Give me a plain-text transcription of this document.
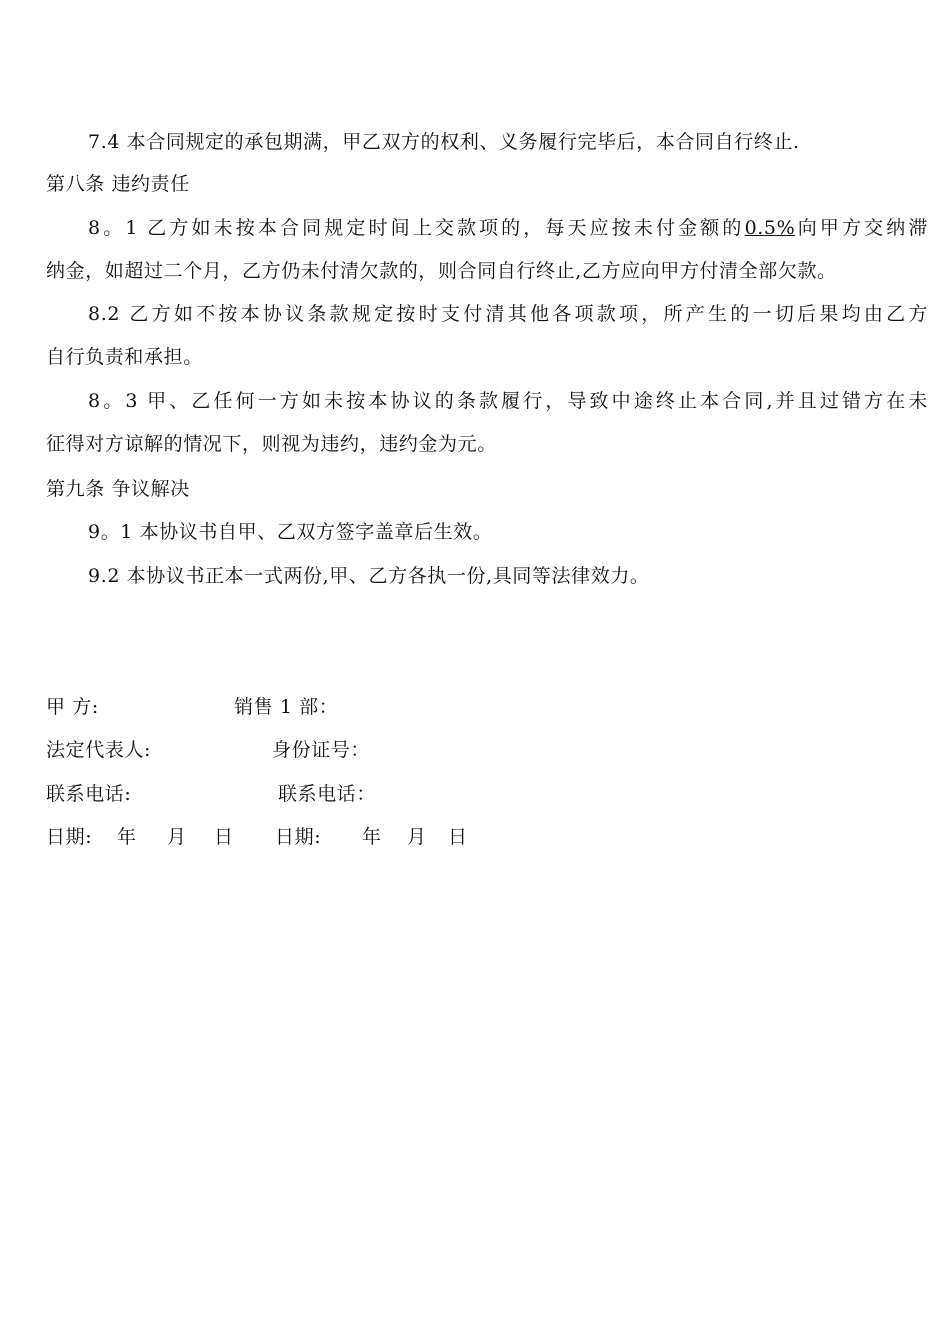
7.4 本合同规定的承包期满，甲乙双方的权利、义务履行完毕后，本合同自行终止.
第八条 违约责任
8。1 乙方如未按本合同规定时间上交款项的，每天应按未付金额的0.5%向甲方交纳滞
纳金，如超过二个月，乙方仍未付清欠款的，则合同自行终止,乙方应向甲方付清全部欠款。
8.2 乙方如不按本协议条款规定按时支付清其他各项款项，所产生的一切后果均由乙方
自行负责和承担。
8。3 甲、乙任何一方如未按本协议的条款履行，导致中途终止本合同,并且过错方在未
征得对方谅解的情况下，则视为违约，违约金为元。
第九条 争议解决
9。1 本协议书自甲、乙双方签字盖章后生效。
9.2 本协议书正本一式两份,甲、乙方各执一份,具同等法律效力。
甲 方:	销售 1 部：
法定代表人:	身份证号：
联系电话:	联系电话：
日期: 年 月 日 日期: 年 月 日
